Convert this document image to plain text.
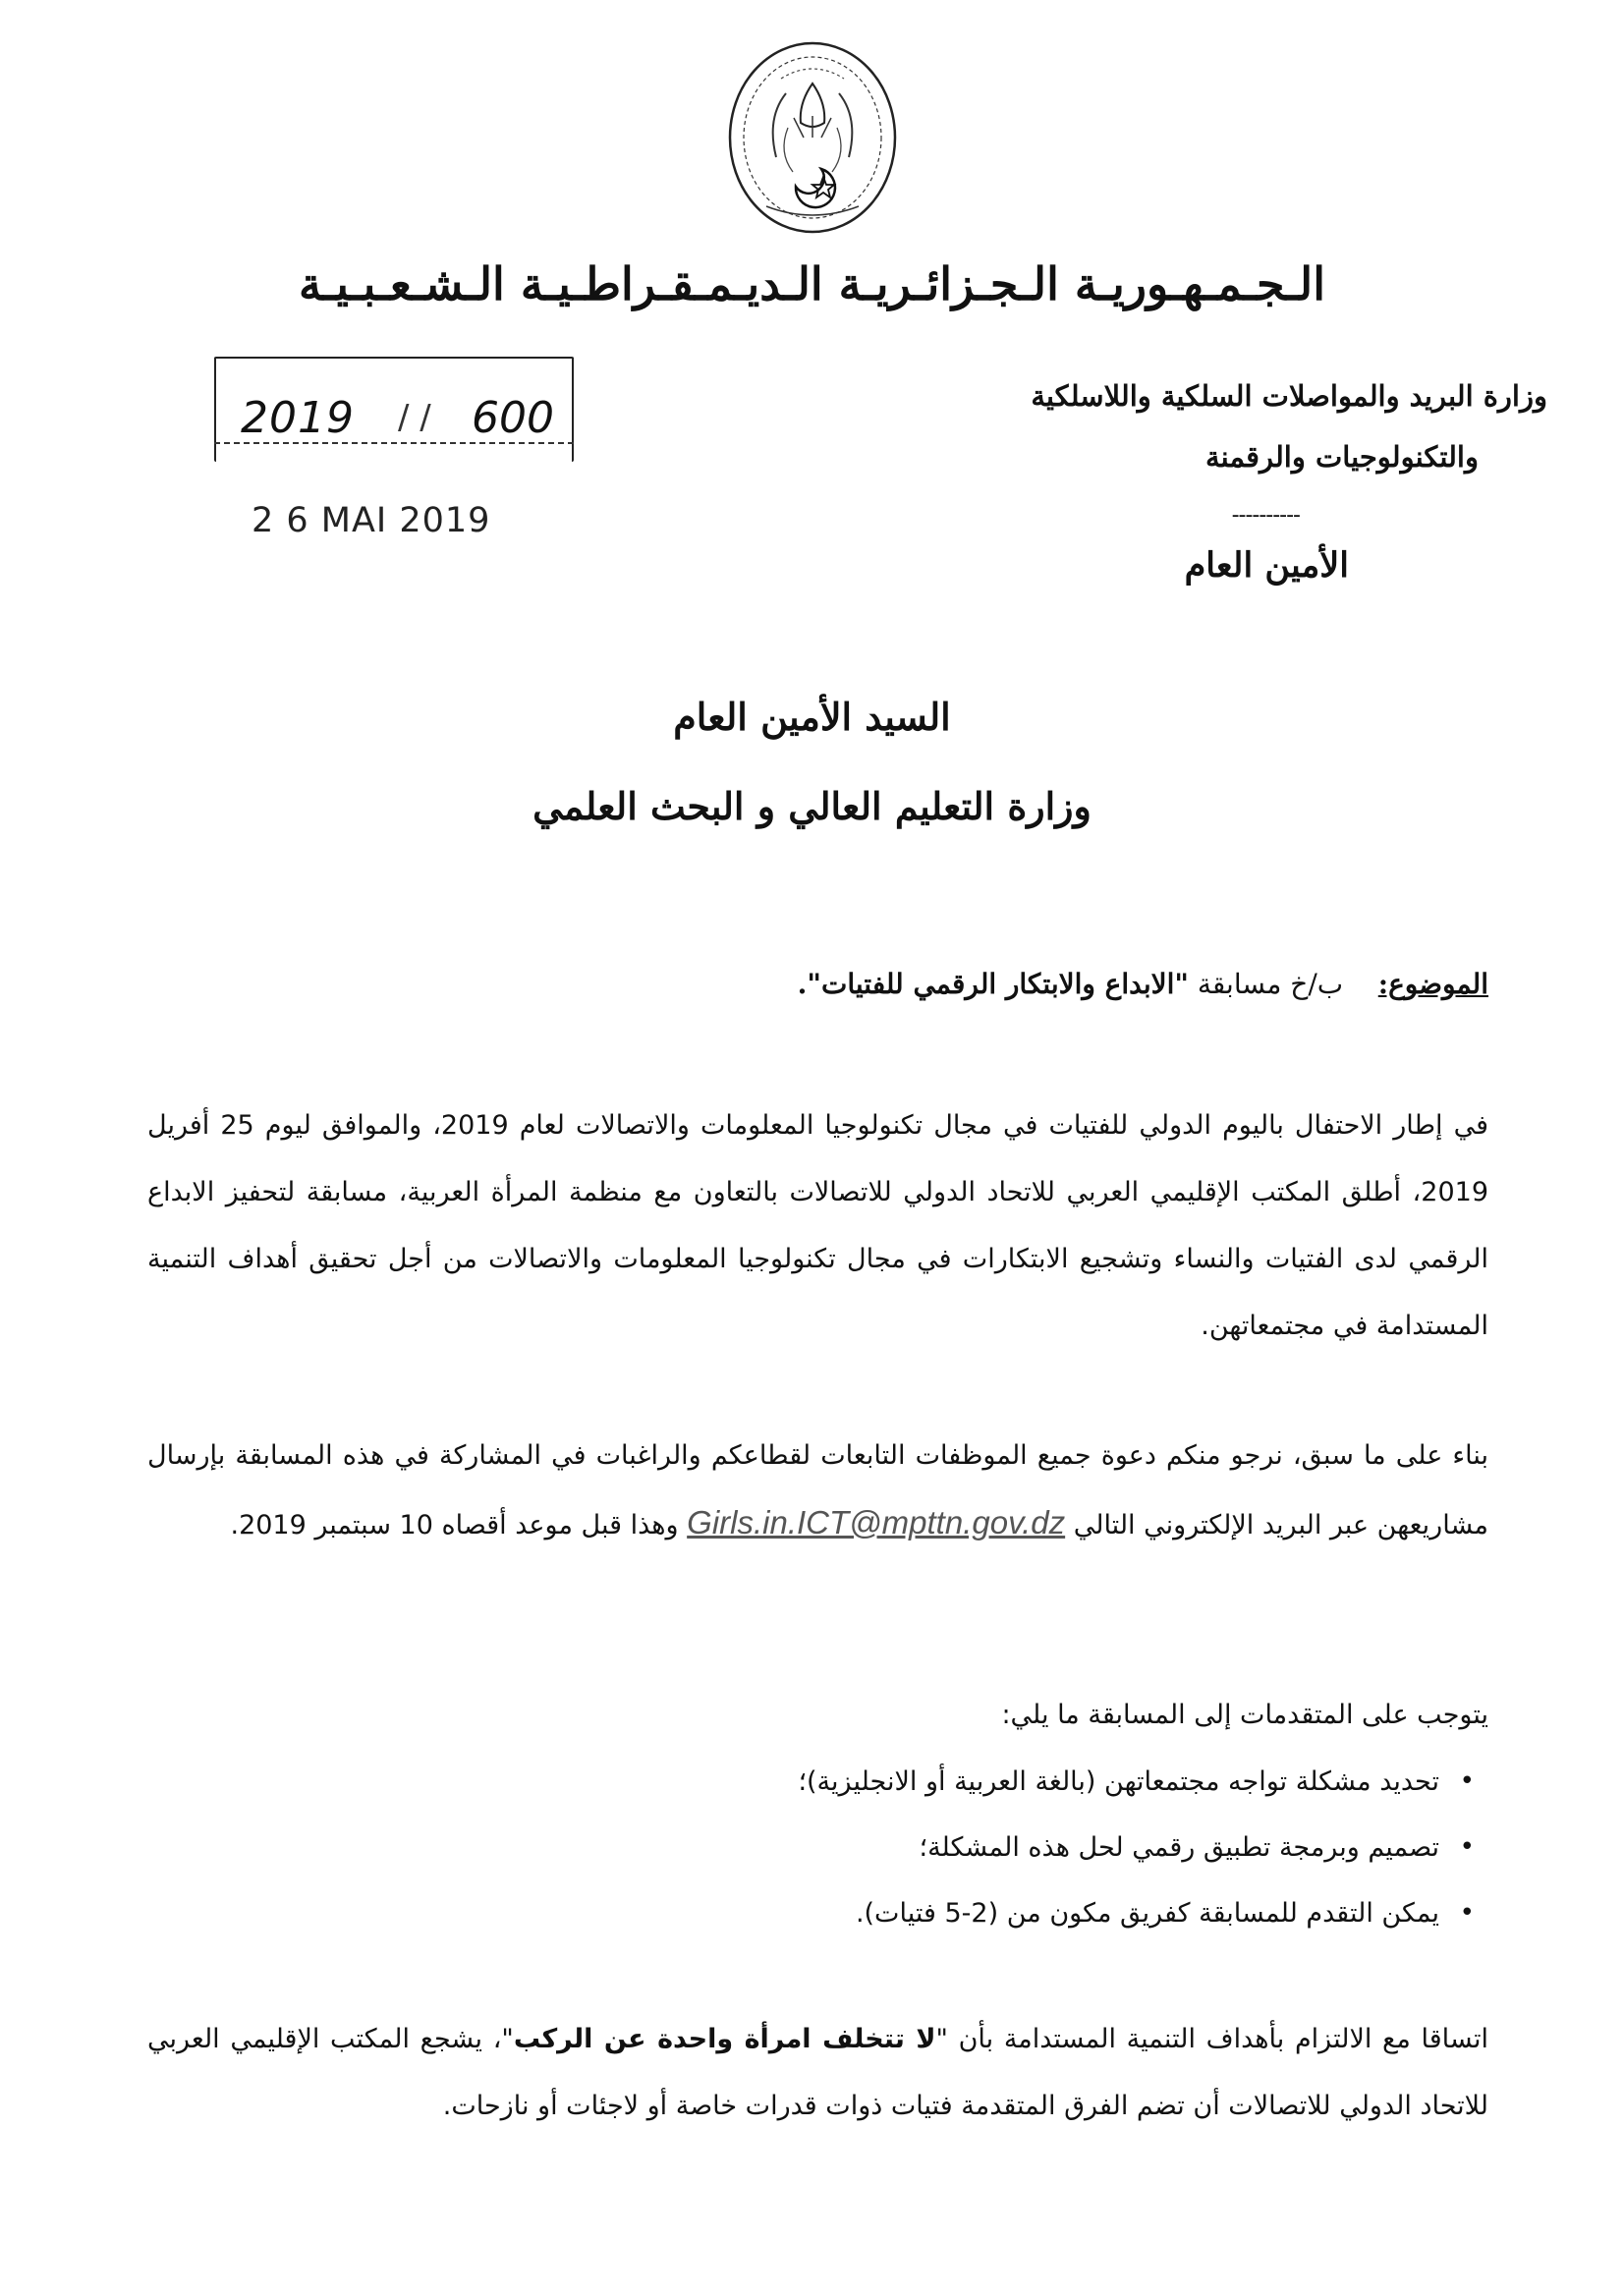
الـجـمـهـوريـة الـجـزائـريـة الـديـمـقـراطـيـة الـشـعـبـيـة
وزارة البريد والمواصلات السلكية واللاسلكية
والتكنولوجيات والرقمنة
----------
الأمين العام
2019 / / 600
2 6 MAI 2019
السيد الأمين العام
وزارة التعليم العالي و البحث العلمي
الموضوع:    ب/خ مسابقة "الابداع والابتكار الرقمي للفتيات".
في إطار الاحتفال باليوم الدولي للفتيات في مجال تكنولوجيا المعلومات والاتصالات لعام 2019، والموافق ليوم 25 أفريل 2019، أطلق المكتب الإقليمي العربي للاتحاد الدولي للاتصالات بالتعاون مع منظمة المرأة العربية، مسابقة لتحفيز الابداع الرقمي لدى الفتيات والنساء وتشجيع الابتكارات في مجال تكنولوجيا المعلومات والاتصالات من أجل تحقيق أهداف التنمية المستدامة في مجتمعاتهن.
بناء على ما سبق، نرجو منكم دعوة جميع الموظفات التابعات لقطاعكم والراغبات في المشاركة في هذه المسابقة بإرسال مشاريعهن عبر البريد الإلكتروني التالي Girls.in.ICT@mpttn.gov.dz وهذا قبل موعد أقصاه 10 سبتمبر 2019.
يتوجب على المتقدمات إلى المسابقة ما يلي:
•
تحديد مشكلة تواجه مجتمعاتهن (بالغة العربية أو الانجليزية)؛
•
تصميم وبرمجة تطبيق رقمي لحل هذه المشكلة؛
•
يمكن التقدم للمسابقة كفريق مكون من (2-5 فتيات).
اتساقا مع الالتزام بأهداف التنمية المستدامة بأن "لا تتخلف امرأة واحدة عن الركب"، يشجع المكتب الإقليمي العربي للاتحاد الدولي للاتصالات أن تضم الفرق المتقدمة فتيات ذوات قدرات خاصة أو لاجئات أو نازحات.
